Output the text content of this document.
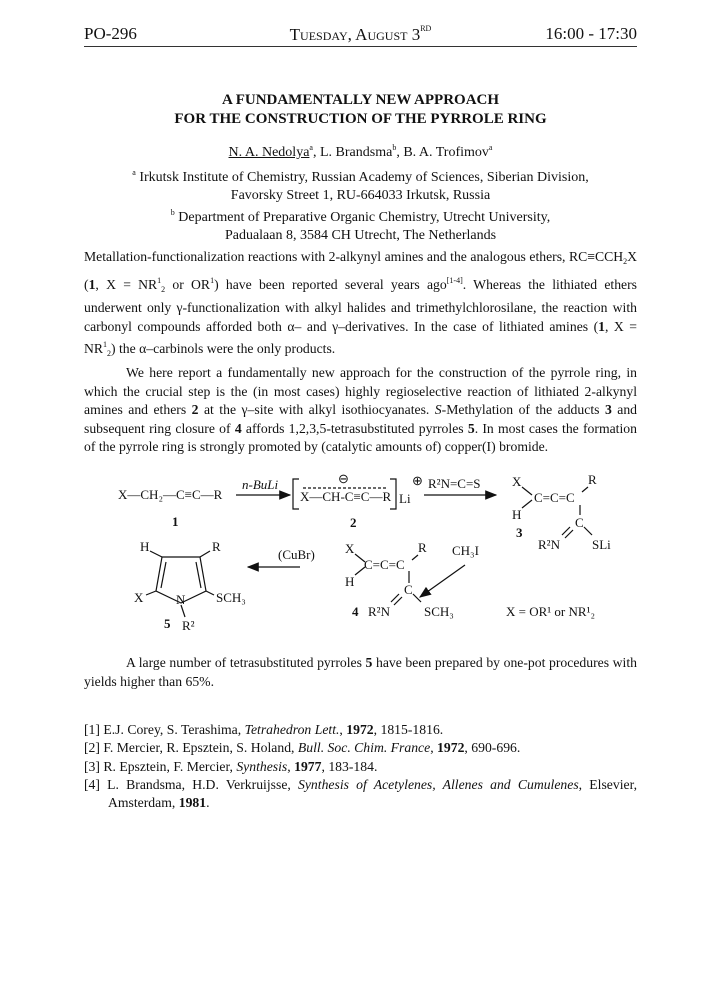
PO-296	Tuesday, August 3RD	16:00 - 17:30
A FUNDAMENTALLY NEW APPROACH
FOR THE CONSTRUCTION OF THE PYRROLE RING
N. A. Nedolya$^a$, L. Brandsma$^b$, B. A. Trofimov$^a$
$^a$ Irkutsk Institute of Chemistry, Russian Academy of Sciences, Siberian Division,
Favorsky Street 1, RU-664033 Irkutsk, Russia
$^b$ Department of Preparative Organic Chemistry, Utrecht University,
Padualaan 8, 3584 CH Utrecht, The Netherlands
Metallation-functionalization reactions with 2-alkynyl amines and the analogous ethers, $RC\equiv CCH_2X$ (1, $X = NR^1_2$ or $OR^1$) have been reported several years ago[1-4]. Whereas the lithiated ethers underwent only γ-functionalization with alkyl halides and trimethylchlorosilane, the reaction with carbonyl compounds afforded both α– and γ–derivatives. In the case of lithiated amines (1, $X = NR^1_2$) the α–carbinols were the only products.
We here report a fundamentally new approach for the construction of the pyrrole ring, in which the crucial step is the (in most cases) highly regioselective reaction of lithiated 2-alkynyl amines and ethers 2 at the γ–site with alkyl isothiocyanates. S-Methylation of the adducts 3 and subsequent ring closure of 4 affords 1,2,3,5-tetrasubstituted pyrroles 5. In most cases the formation of the pyrrole ring is strongly promoted by (catalytic amounts of) copper(I) bromide.
X—CH₂—C≡C—R
1
n-BuLi
X—CH-C≡C—R
⊖
Li
⊕
2
R²N=C=S X
H
C=C=C
R
C
R²N SLi
3
CH₃I
X
H
C=C=C
R
C
R²N	SCH₃
4
(CuBr)
H	R
X	N SCH₃
R²
5
X = OR¹ or NR¹₂
A large number of tetrasubstituted pyrroles 5 have been prepared by one-pot procedures with yields higher than 65%.
[1] E.J. Corey, S. Terashima, Tetrahedron Lett., 1972, 1815-1816.
[2] F. Mercier, R. Epsztein, S. Holand, Bull. Soc. Chim. France, 1972, 690-696.
[3] R. Epsztein, F. Mercier, Synthesis, 1977, 183-184.
[4] L. Brandsma, H.D. Verkruijsse, Synthesis of Acetylenes, Allenes and Cumulenes, Elsevier, Amsterdam, 1981.
